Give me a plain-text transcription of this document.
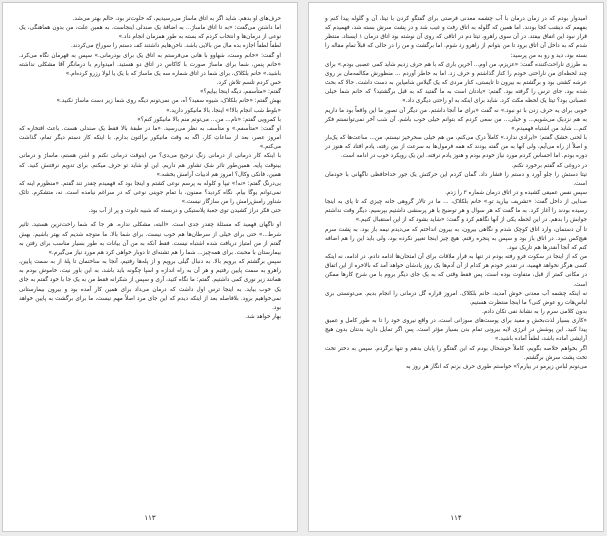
حرف‌های او بدهم. شاید اگر به اتاق ماساژ می‌رسیدیم، که خلوت‌تر بود، حالم بهتر می‌شد.

اما داشتن می‌گفت: «به تا اتاق ماساژ... به اضافهٔ یک صندلی اینجاست. به همین علت، من بدون هماهنگی، یک نوعی از درمان‌ها و انتخاب کردم که بسته به طور همزمان انجام داد.»

لطفاً لطفاً اجازه بده مال من بالایی باشد. ناخن‌هایم داشتند کف دستم را سوراخ می‌کردند.

او گفت: «خانم وست، شهاوو با هانی می‌فرستم به اتاق یک برای بودرمانی.» سپس به قهرمان نگاه می‌کرد. «خانم پنس، شما برای ماساژ صورت با کاکاس در اتاق دو هستید. امیدوارم با درمانگر آقا مشکلی نداشته باشید.» خانم بلکلاک، برای شما در اتاق شماره سه یک ماساژ که با یک یا لولا رزرو کرده‌ام.»

حس کردم تلسم تلاش کرد.

گفتم: «متأسفم، دیگه اینجا بیایم؟»

بهش گفتم: «خانم بلکلاک، شیوه سفید؟ آه، من نمی‌تونم دیگه روی شما زیر دست ماساژ نکنید.»

«بلوط شب انجام بالا!» اینجا، بالا مانیکور دارید.»

با کمرویی گفتم: «نام... من... می‌تونم منم بالا مانیکور کنم؟»

او گفت: «متأسفم.» و متأسف به نظر می‌رسید. «ما در طبقهٔ بالا فقط یک صندلی هست. باعث افتخاره که امروز عصر، بعد از ساعاتِ کار، اگه به وقت مانیکور برالتون بدارم. با اینکه کار دستم دیگر تمام، گذاشت می‌کنم.»

با اینکه کار درمانی از درمانی زنگ ترجیح می‌دی؟ من اینوقت درمانی نکنم و اشن هستم، ماساژ و درمانی بینوقت پایه. همین‌طور تاثر شک تشاور هم داریم. این او شاید تو حرف میکنم. برای تدویم نرفتنش کنید. که همین، فانکی وکال؟ امروز هم ادبیات آرامش بخشه.»

بی‌درنگ گفتم: «نه!» تیپا و کلوله به پرسم نوعی کشتم و اینجا بود که فهمیدم چقدر تند گفتم. «منظورم اینه که نمی‌توانم یوگا بیام. نگاه کردید؟ ممنون، با تمام جوینی نوعی که در سراغم نیامده است. نه، متشکرم. تائک شناور رامش‌رامش را من سازگار نیست.»

حتی فکر دراز کشیدن توی جعبهٔ پلاستیکی و دربسته که شبیه تابوت و پر از آب بود.

او ناگهان فهمید که مسئلهٔ چقدر جدی است. «البته، مشکلی نداره. هر جا که شما راحت‌ترین هستید. تاثیر شرط...» حتی برای خیلی از سرطان‌ها هم خوب نیست. برای شما بالا. ما متوجه شدیم که بهتر باشیم. بهش گفتم از من امتیاز دریافت شده اشتباه نیست. فقط آنکه به من آن بیانات به طور بسیار مناسب برای رفتن به بیمارستان با محبت. برای همه‌چیز... شما را هم تشنه‌ای تا دوبار خواهی کرد هم مورد نیاز می‌گیرم.»

سپس برگشتم که برویم بالا. به دنبال گیلی برویم و از پله‌ها رفتیم، آنجا به ساختمان تا پلهٔ از به سمت پایین، راهرو به سمت پایین رفتیم و هر آن به راه اندازه و اسپا چگونه باید باشد، به این باور نیت، خاموش بودم به همانند زیر نوری کمی داشتیم. گفتم: ما نگاه کنید، آری و سپس از شکرانه فقط من به یک جا با خود گفتم به جای یک خوب بیاید. به اینجا ترس اول داشت که درمان می‌داد برای همین کار آمده بود و بیرون بیمارستانی نمی‌خواهیم برود. بلافاصله بعد از اینکه دیدم که این جای مرد اصلاً مهم نیست، ما برای برگشت به پایین خواهد بود.

بهار خواهد شد.

۱۱۳

امیدوار بودم که در زمان درمان با آب چشمه معدنی فرصتی برای گفتگو کردن با تیتا، آن و گلوله پیدا کنم و بفهمم که دیشب کجا بودند. اما همین که گلوله به اتاق رفت و غیب شد و در پشت سرش بسته شد، فهمیدم که قرار نبود این اتفاق بیفتد. در آن سوی راهرو، تیتا دم در اتاقی که روی آن نوشته بود اتاق درمان ۱ ایستاد. منتظر شدم که به داخل آن اتاق برود تا من بتوانم از راهرو رد شوم. اما برگشت و من را در حالی که قبلاً تمام مقاله را بسته بود، دید و رو به من پرسید:

به طرزی ناراحت‌کننده گفت: «عزیزم، من اوم... آخرین باری که با هم حرف زدیم شاید کمی عصبی بودم.» برای چند لحظه‌ای من ناراحتی خودم را کنار گذاشتم و حرف زد. اما به خاطر آوردم ... منظورش مکالمه‌مان بر روی عرشه کشتی بود و برگشتم به بیرون تا تایستی، کنار مردی که یک گیلاس شامپاین به دست داشت. حالا که بحث شده بود، جای ترس را گرفته بود. گفتم: «یادتان است به ما گفتید که به قبل برگشتید؟ که خانم شما خیلی عصبانی بود؟ تیتا یک لحظه مکث کرد. شاید برای اینکه به او راحتی دیگری داد.»

خوبی برای یه حرف زدن با تو نبود.» نه گفت «برای ما آنجا داشتم. من دیگر آن تصور ما این واقعاً بود ما داریم به هم نزدیک می‌شویم... و خیلی... من سعی کردم که بتوانم خیلی خوب باشم. آن شب آخر نمی‌توانستم فکر کنم... شاید من اشتباه فهمیدم.»

با لحنی خشک گفتم: «ایرادی ندارد.» کاملاً درک می‌کنم، من هم خیلی سحرخیز نیستم. من... ساعت‌ها که یک‌بار و اصلاً از راه می‌آیم، ولی آنها به من گفته بودند که همه فرمول‌ها به سرعت از بین رفته، یادم افتاد که هنوز در دوره بودم. اما احساس کردم مورد نیاز خودم بودم و هنوز یادم نرفته. این یک رویکرد خوب در ادامه است.

در دروغی که گفتم برخورد نکنم.

تیتا دستش را جلو آورد و دستم را فشار داد. گمان کردم این حرکتش یک جور خداحافظی ناگهانی با خودمان است.

سپس نفس عمیقی کشیده و در اتاق درمان شماره ۳ را زدم.

صدایی از داخل گفت: «تشریف بیارید تو.» خانم بلکلاک، ... ما در تالار گروهی خانه چیزی که تا پای به اینجا رسیده بودند را آغاز کرد. به ما گفت که هر سوال و هر توضیح یا هر پرسشی داشتیم بپرسیم. دیگر وقت نداشتم جوابش را بدهم. در این لحظه یکی از آنها نگاهم کرد و گفت: «شاید بشود که از این استقبال کنیم.»

تا آن دستمان، وارد اتاق کوچک شدم و نگاهی بیرون، به بیرون انداختم که می‌دیدم نیمه باز بود. به پشت سرم هیچ‌کس نبود. در اتاق باز بود و سپس به پنجره رفتم. هیچ چیز اینجا تغییر نکرده بود، ولی باید این را هم اضافه کنم که آنجا آنقدرها هم تاریک نبود.

من که از اینجا در سکوت فرو رفته بودم در تنها به قرار ملاقات برای آن امتحان‌ها ادامه دادم. در ادامه، نه اینکه کسی هرگز نخواهد فهمید، در تقدیر خودم هر کدام از آن آدم‌ها یک روز یادشان خواهد آمد که بالاخره از این اتفاق در مکانی کمتر از قبل، متفاوت بوده است. پس فقط وقتی که به یک جای دیگر بروم با من شرح کارها ممکن است.

نه اینکه چشمه آب معدنی خوش آمدید، خانم بلکلاک. امروز قراره گل درمانی را انجام بدیم. می‌تونستی بری لباس‌هات رو عوض کنی؟ ما اینجا منتظرت هستیم.

بدون کلامی سرم را به نشانهٔ نفی تکان دادم.

«کاری بسیار لذت‌بخش و مفید برای پوست‌های سوزانی است، در واقع نیروی خود را تا به طور کامل و عمیق پیدا کنید. این پوشش در انرژی لایه بیرونی تمام بدن بسیار مؤثر است. پس اگر تمایل دارید بدنتان بدون هیچ آرایشی آماده باشد، لطفاً آماده باشید.»

اگر بخواهم خلاصه بگویم، کاملاً خوشحال بودم که این گفتگو را پایان بدهم و تنها برگردم. سپس به دختر تخت تخت پشت سرش برگشتم.

می‌تونم لباس زیرمو در بیارم؟» خواستم طوری حرف بزنم که انگار هر روز به

۱۱۴
